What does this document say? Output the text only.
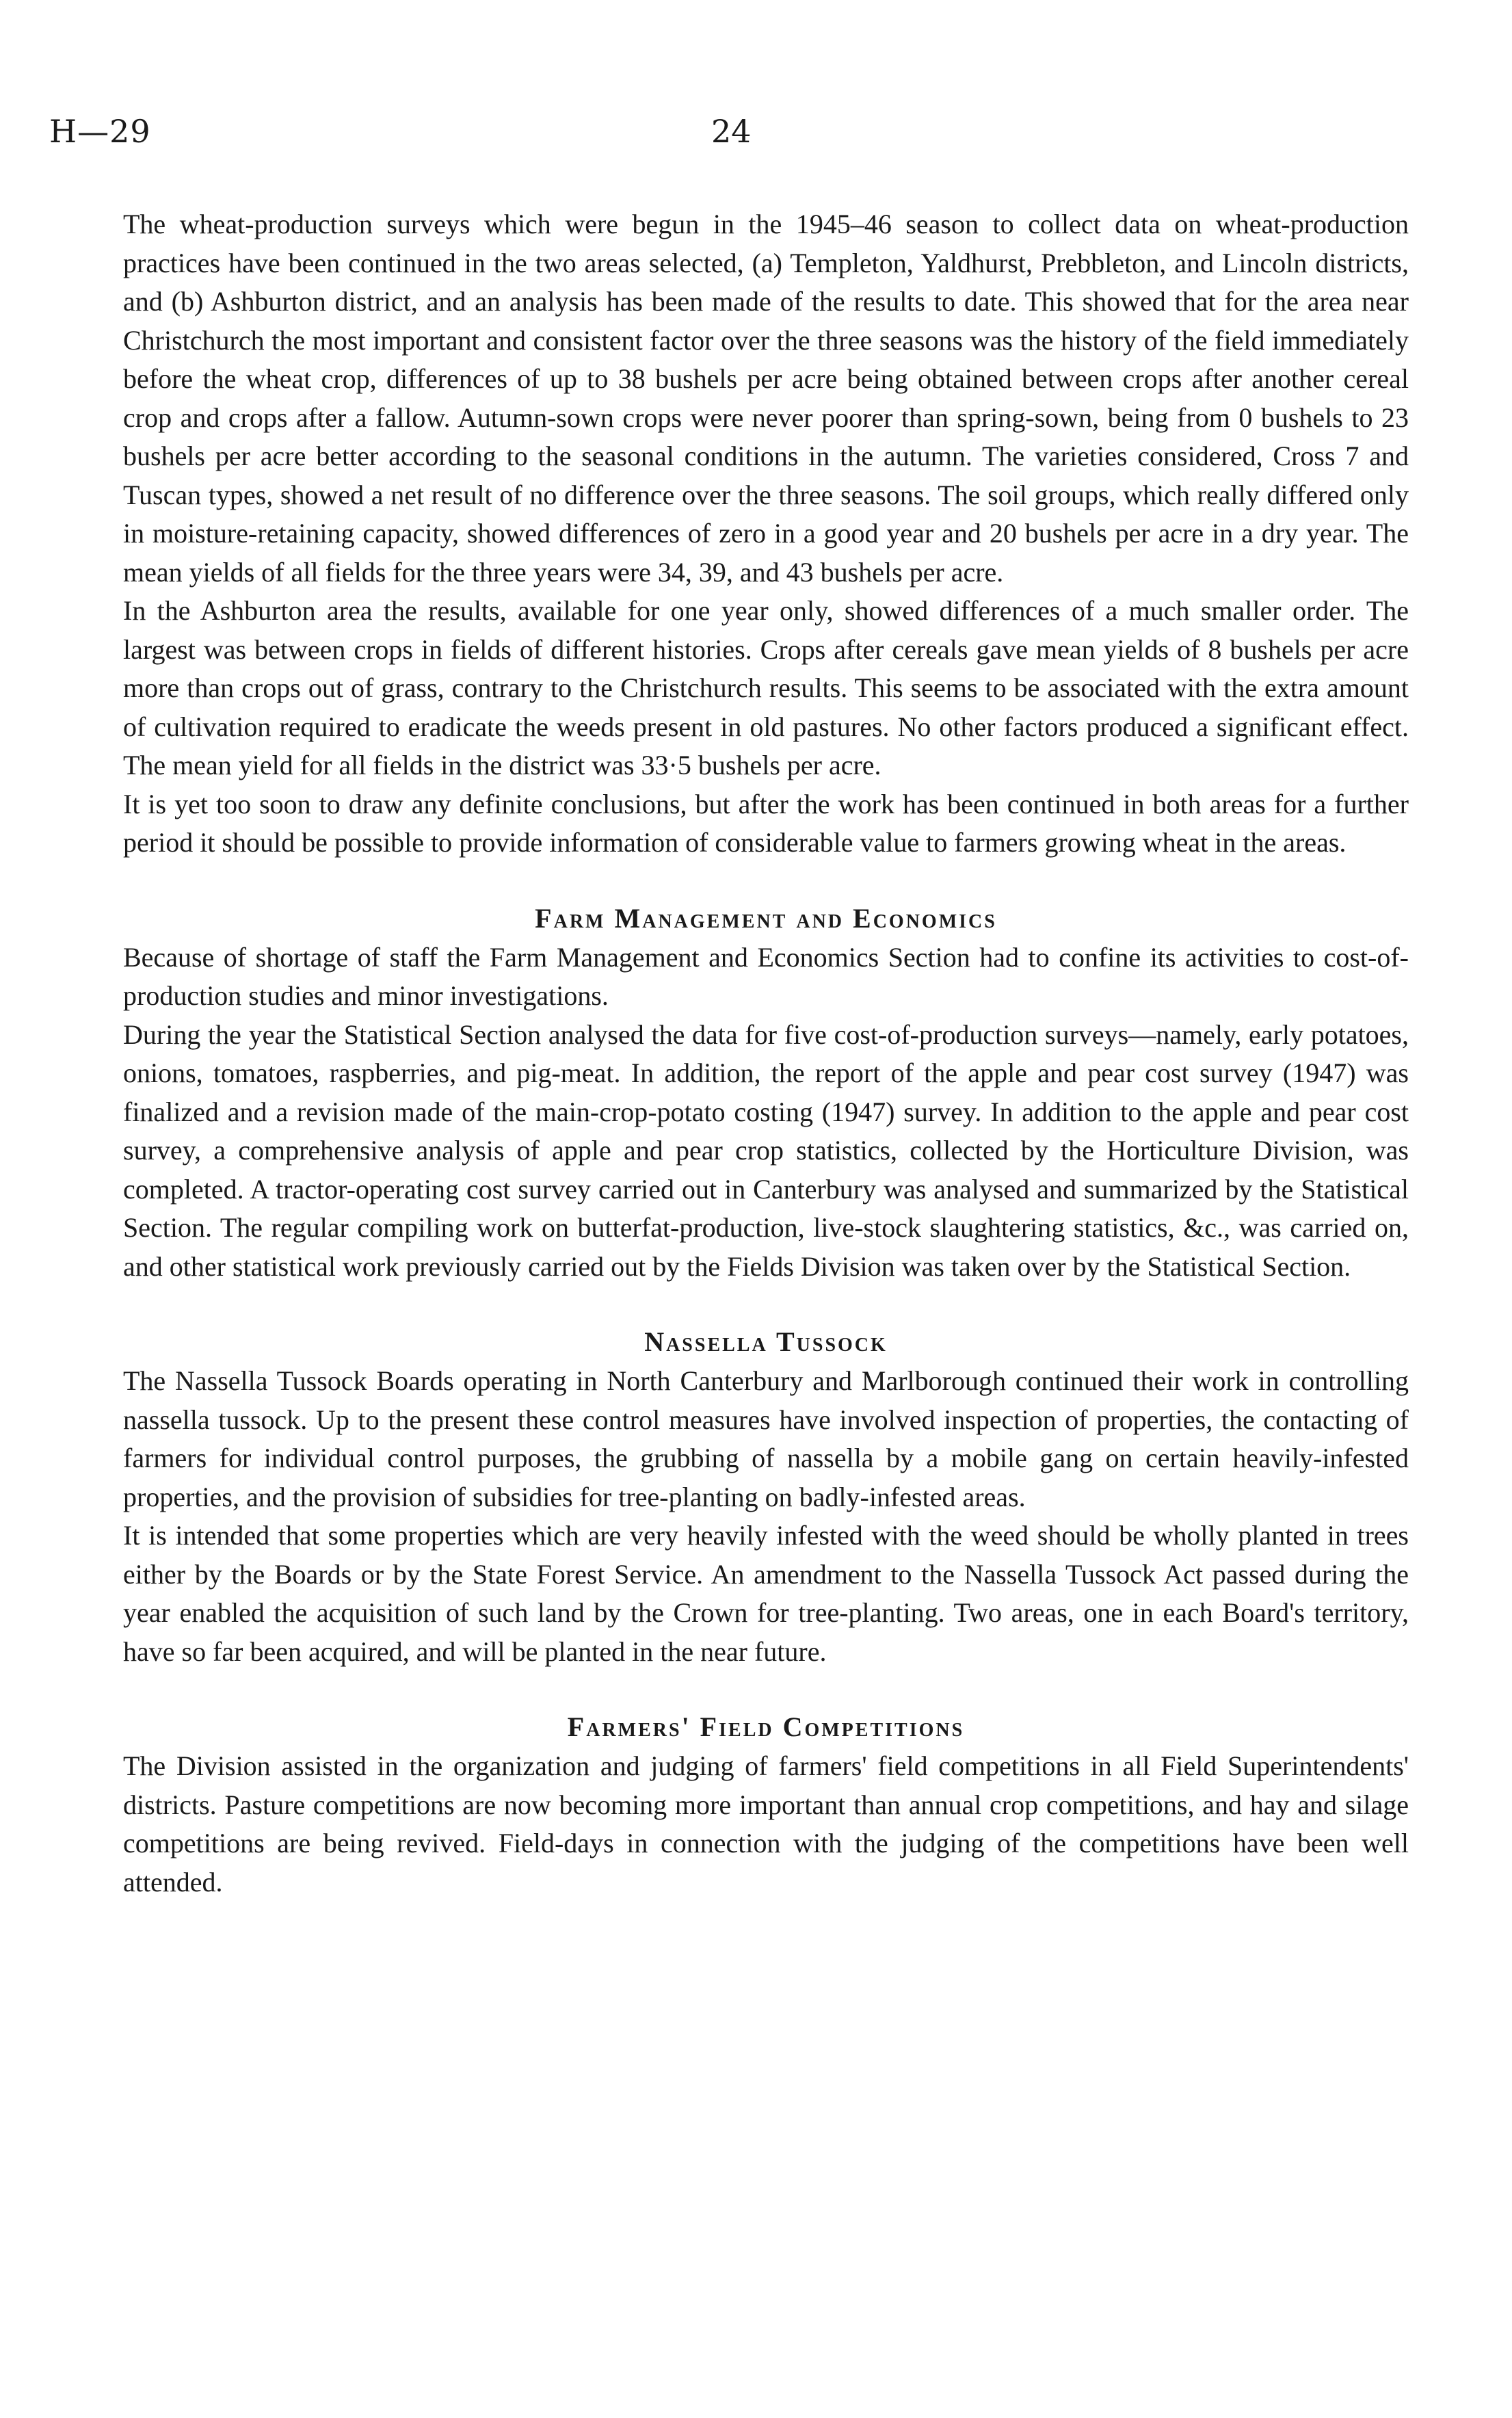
H—29	24

The wheat-production surveys which were begun in the 1945–46 season to collect data on wheat-production practices have been continued in the two areas selected, (a) Templeton, Yaldhurst, Prebbleton, and Lincoln districts, and (b) Ashburton district, and an analysis has been made of the results to date. This showed that for the area near Christchurch the most important and consistent factor over the three seasons was the history of the field immediately before the wheat crop, differences of up to 38 bushels per acre being obtained between crops after another cereal crop and crops after a fallow. Autumn-sown crops were never poorer than spring-sown, being from 0 bushels to 23 bushels per acre better according to the seasonal conditions in the autumn. The varieties considered, Cross 7 and Tuscan types, showed a net result of no difference over the three seasons. The soil groups, which really differed only in moisture-retaining capacity, showed differences of zero in a good year and 20 bushels per acre in a dry year. The mean yields of all fields for the three years were 34, 39, and 43 bushels per acre.

In the Ashburton area the results, available for one year only, showed differences of a much smaller order. The largest was between crops in fields of different histories. Crops after cereals gave mean yields of 8 bushels per acre more than crops out of grass, contrary to the Christchurch results. This seems to be associated with the extra amount of cultivation required to eradicate the weeds present in old pastures. No other factors produced a significant effect. The mean yield for all fields in the district was 33·5 bushels per acre.

It is yet too soon to draw any definite conclusions, but after the work has been continued in both areas for a further period it should be possible to provide information of considerable value to farmers growing wheat in the areas.

Farm Management and Economics

Because of shortage of staff the Farm Management and Economics Section had to confine its activities to cost-of-production studies and minor investigations.

During the year the Statistical Section analysed the data for five cost-of-production surveys—namely, early potatoes, onions, tomatoes, raspberries, and pig-meat. In addition, the report of the apple and pear cost survey (1947) was finalized and a revision made of the main-crop-potato costing (1947) survey. In addition to the apple and pear cost survey, a comprehensive analysis of apple and pear crop statistics, collected by the Horticulture Division, was completed. A tractor-operating cost survey carried out in Canterbury was analysed and summarized by the Statistical Section. The regular compiling work on butterfat-production, live-stock slaughtering statistics, &c., was carried on, and other statistical work previously carried out by the Fields Division was taken over by the Statistical Section.

Nassella Tussock

The Nassella Tussock Boards operating in North Canterbury and Marlborough continued their work in controlling nassella tussock. Up to the present these control measures have involved inspection of properties, the contacting of farmers for individual control purposes, the grubbing of nassella by a mobile gang on certain heavily-infested properties, and the provision of subsidies for tree-planting on badly-infested areas.

It is intended that some properties which are very heavily infested with the weed should be wholly planted in trees either by the Boards or by the State Forest Service. An amendment to the Nassella Tussock Act passed during the year enabled the acquisition of such land by the Crown for tree-planting. Two areas, one in each Board's territory, have so far been acquired, and will be planted in the near future.

Farmers' Field Competitions

The Division assisted in the organization and judging of farmers' field competitions in all Field Superintendents' districts. Pasture competitions are now becoming more important than annual crop competitions, and hay and silage competitions are being revived. Field-days in connection with the judging of the competitions have been well attended.
